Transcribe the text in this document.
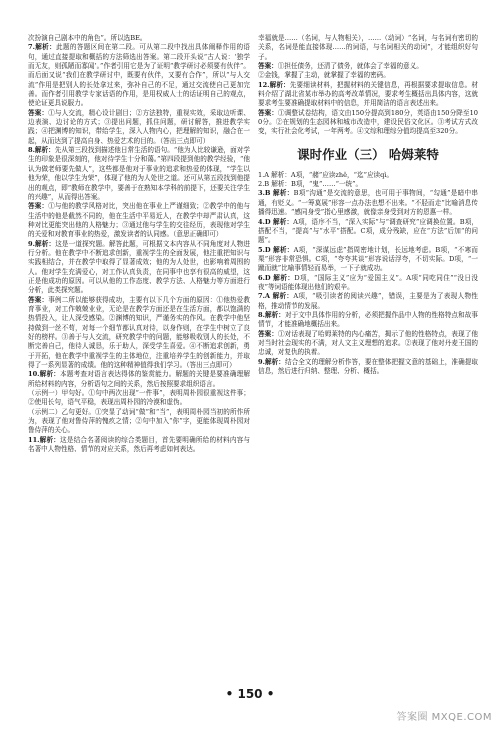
次扮演自己剧本中的角色”。所以选BE。

7.解析：此题的答题区间在第二段。可从第二段中找出具体阐释作用的语句，通过直接提取和概括的方法筛选出答案。第二段开头说“古人说：‘独学而无友，则孤陋而寡闻’。”作者引用它是为了证明“教学研讨必须要有伙伴”。而后面又说“我们在教学研讨中，既要有伙伴，又要有合作”，所以“与人交流”作用是把别人的长处拿过来，弥补自己的不足，通过交流使自己更加完善。而作者引用教学专家话语的作用，是用权威人士的话证明自己的观点，使论证更具说服力。

答案：①与人交流，精心设计剧目；②方法独特，重视实效，采取边听课、边表演、边讨论的方式；③提出问题，抓住问题，研讨解答，推进教学实践；④把渊博的知识，带给学生，深入人物内心，把理解的知识，融合在一起，从而达到了提高自身、热爱艺术的目的。（答出三点即可）

8.解析：先从第三段找到描述他日常生活的语句。“他为人比较谦逊，面对学生的印象是很深刻的，他对待学生十分和蔼。”第四段提到他的教学经验，“他认为做老师要先做人”，这些都是他对于事业的追求和热爱的体现，“学生以他为荣，他以学生为荣”，体现了他的为人处世之道。还可从第五段找到他提出的观点，即“教师在教学中，要善于在熟知本学科的前提下，还要关注学生的兴趣”，从而得出答案。

答案：①与他的教学风格对比，突出他在事业上严谨细致；②教学中的他与生活中的他是截然不同的，他在生活中平易近人，在教学中却严肃认真，这种对比更能突出他的人格魅力；③通过他与学生的交往经历，表现他对学生的关爱和对教育事业的热爱，激发读者的认同感。（意思正确即可）

9.解析：这是一道探究题。解答此题，可根据文本内容从不同角度对人物进行分析。他在教学中不断追求创新，重视学生的全面发展，他注重把知识与实践相结合，并在教学中取得了显著成效；他的为人处世，也影响着周围的人。他对学生充满爱心，对工作认真负责，在同事中也享有很高的威望，这正是他成功的原因。可以从他的工作态度、教学方法、人格魅力等方面进行分析，此类探究题。

答案：事例二所以能够获得成功，主要有以下几个方面的原因：①他热爱教育事业，对工作兢兢业业，无论是在教学方面还是在生活方面，都以饱满的热情投入，让人深受感染。②渊博的知识，严谨务实的作风。在教学中他坚持做到一丝不苟，对每一个细节都认真对待，以身作则，在学生中树立了良好的榜样。③善于与人交流，研究教学中的问题，能够吸收别人的长处，不断完善自己，他待人诚恳，乐于助人，深受学生喜爱。④不断追求创新，勇于开拓，他在教学中重视学生的主体地位，注重培养学生的创新能力，并取得了一系列显著的成绩。他的这种精神值得我们学习。（答出三点即可）

10.解析：本题考查对语言表达得体的鉴赏能力。解题的关键是要准确理解所给材料的内容，分析语句之间的关系，然后按照要求组织语言。

（示例一）甲句好。①句中两次出现“一件事”，表明周朴园很重视这件事；②使用长句，语气平稳，表现出周朴园的冷漠和虚伪。

（示例二）乙句更好。①突显了动词“做”和“当”，表明周朴园当初的所作所为，表现了他对鲁侍萍的愧疚之情；②句中加入“你”字，更能体现周朴园对鲁侍萍的关心。

11.解析：这是结合名著阅读的综合类题目，首先要明确所给的材料内容与名著中人物性格、情节的对应关系，然后再考虑如何表达。

幸福就是……（名词，与人物相关），……（动词）“名词，与名词有密切的关系，名词是能直接体现……的词语，与名词相关的动词”，才能组织好句子。

答案：①担任债务，还清了债务，就体会了幸福的意义。

②金钱，掌握了主动，就掌握了幸福的密码。

12.解析：先要细读材料，把握材料的关键信息，再根据要求提取信息。材料介绍了湖北省某市举办的高考改革情况，要求考生概括出具体内容，这就要求考生要准确提取材料中的信息，并用简洁的语言表述出来。

答案：①调整试卷结构，语文由150分提高到180分，英语由150分降至100分。②在规划的生态园林和城市改造中，建设民俗文化区。③考试方式改变，实行社会化考试，一年两考。④文综和理综分值均提高至320分。

课时作业（三） 哈姆莱特

1.A 解析：A项，“赭”应读zhě，“迄”应读qì。

2.B 解析：B项，“鬼”……“一统”。

3.B 解析：B项“沟通”是交流的意思，也可用于事物间，“勾通”是暗中串通，有贬义。“一筹莫展”形容一点办法也想不出来。“不胫而走”比喻消息传播得迅速。“感同身受”指心里感激，就像亲身受到对方的恩惠一样。

4.D 解析：A项，语序不当，“深入实际”与“调查研究”应调换位置。B项，搭配不当，“提高”与“水平”搭配。C项，成分残缺，应在“方法”后加“的问题”。

5.D 解析：A项，“深谋远虑”指周密地计划，长远地考虑。B项，“不寒而栗”形容非常恐惧。C项，“夸夸其谈”形容说话浮夸，不切实际。D项，“一蹴而就”比喻事情轻而易举，一下子就成功。

6.D 解析：D项，“国际主义”应为“爱国主义”。A项“同吃同住”“没日没夜”等词语能体现出他们的艰辛。

7.A 解析：A项，“吸引读者的阅读兴趣”，错误，主要是为了表现人物性格，推动情节的发展。

8.解析：对于文中具体作用的分析，必须把握作品中人物的性格特点和故事情节，才能准确地概括出来。

答案：①对话表现了哈姆莱特的内心痛苦，揭示了他的性格特点，表现了他对当时社会现实的不满，对人文主义理想的追求。②表现了他对丹麦王国的忠诚，对复仇的执着。

9.解析：结合全文的理解分析作答，要在整体把握文意的基础上，准确提取信息，然后进行归纳、整理、分析、概括。

• 150 •
答案圈 MXQE.COM
